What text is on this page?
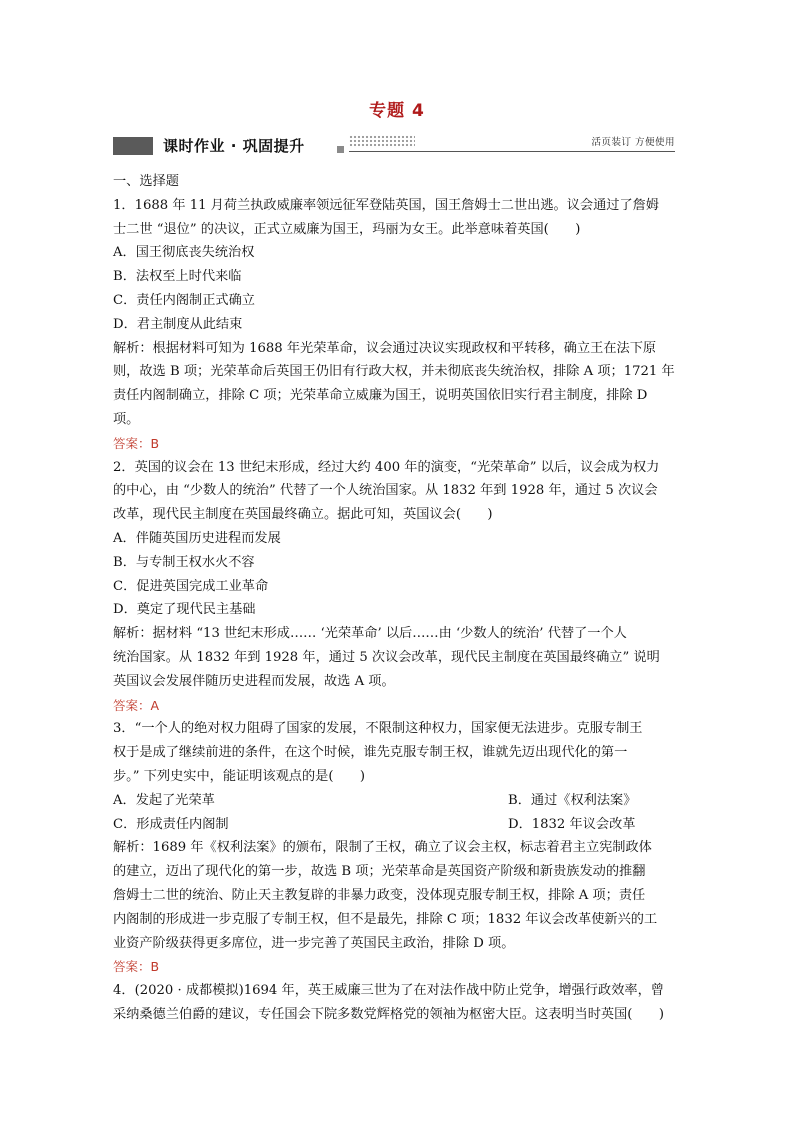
专题 4
课时作业 · 巩固提升	活页装订 方便使用

一、选择题

1．1688 年 11 月荷兰执政威廉率领远征军登陆英国，国王詹姆士二世出逃。议会通过了詹姆

士二世 “退位” 的决议，正式立威廉为国王，玛丽为女王。此举意味着英国(　　)

A．国王彻底丧失统治权

B．法权至上时代来临

C．责任内阁制正式确立

D．君主制度从此结束

解析：根据材料可知为 1688 年光荣革命，议会通过决议实现政权和平转移，确立王在法下原

则，故选 B 项；光荣革命后英国王仍旧有行政大权，并未彻底丧失统治权，排除 A 项；1721 年

责任内阁制确立，排除 C 项；光荣革命立威廉为国王，说明英国依旧实行君主制度，排除 D

项。

答案：B

2．英国的议会在 13 世纪末形成，经过大约 400 年的演变，“光荣革命” 以后，议会成为权力

的中心，由 “少数人的统治” 代替了一个人统治国家。从 1832 年到 1928 年，通过 5 次议会

改革，现代民主制度在英国最终确立。据此可知，英国议会(　　)

A．伴随英国历史进程而发展

B．与专制王权水火不容

C．促进英国完成工业革命

D．奠定了现代民主基础

解析：据材料 “13 世纪末形成…… ‘光荣革命’ 以后……由 ‘少数人的统治’ 代替了一个人

统治国家。从 1832 年到 1928 年，通过 5 次议会改革，现代民主制度在英国最终确立” 说明

英国议会发展伴随历史进程而发展，故选 A 项。

答案：A

3．“一个人的绝对权力阻碍了国家的发展，不限制这种权力，国家便无法进步。克服专制王

权于是成了继续前进的条件，在这个时候，谁先克服专制王权，谁就先迈出现代化的第一

步。” 下列史实中，能证明该观点的是(　　)

A．发起了光荣革	B．通过《权利法案》
C．形成责任内阁制	D．1832 年议会改革

解析：1689 年《权利法案》的颁布，限制了王权，确立了议会主权，标志着君主立宪制政体

的建立，迈出了现代化的第一步，故选 B 项；光荣革命是英国资产阶级和新贵族发动的推翻

詹姆士二世的统治、防止天主教复辟的非暴力政变，没体现克服专制王权，排除 A 项；责任

内阁制的形成进一步克服了专制王权，但不是最先，排除 C 项；1832 年议会改革使新兴的工

业资产阶级获得更多席位，进一步完善了英国民主政治，排除 D 项。

答案：B

4．(2020 · 成都模拟)1694 年，英王威廉三世为了在对法作战中防止党争，增强行政效率，曾

采纳桑德兰伯爵的建议，专任国会下院多数党辉格党的领袖为枢密大臣。这表明当时英国(　　)
